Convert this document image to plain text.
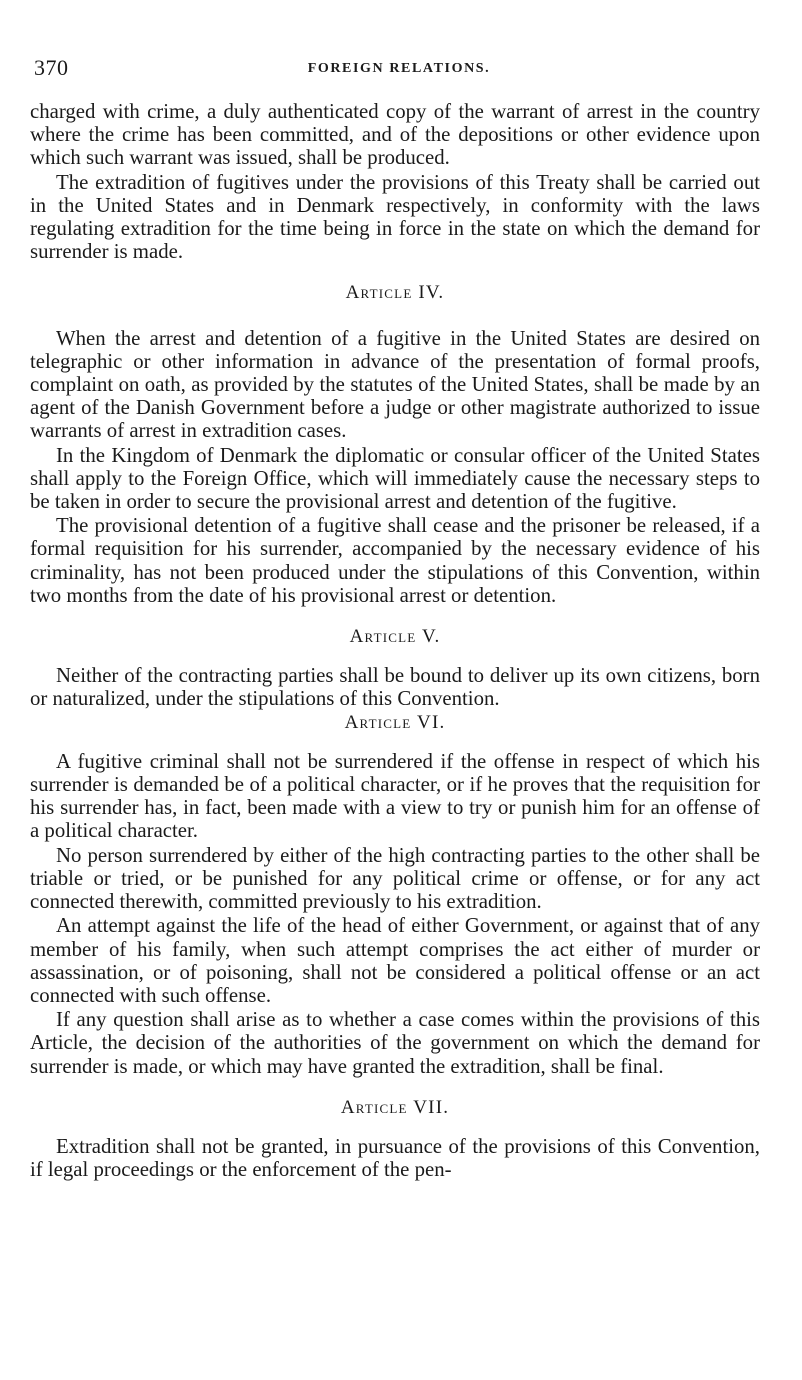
370	FOREIGN RELATIONS.

charged with crime, a duly authenticated copy of the warrant of arrest in the country where the crime has been committed, and of the depositions or other evidence upon which such warrant was issued, shall be produced.

The extradition of fugitives under the provisions of this Treaty shall be carried out in the United States and in Denmark respectively, in conformity with the laws regulating extradition for the time being in force in the state on which the demand for surrender is made.

Article IV.

When the arrest and detention of a fugitive in the United States are desired on telegraphic or other information in advance of the presentation of formal proofs, complaint on oath, as provided by the statutes of the United States, shall be made by an agent of the Danish Government before a judge or other magistrate authorized to issue warrants of arrest in extradition cases.

In the Kingdom of Denmark the diplomatic or consular officer of the United States shall apply to the Foreign Office, which will immediately cause the necessary steps to be taken in order to secure the provisional arrest and detention of the fugitive.

The provisional detention of a fugitive shall cease and the prisoner be released, if a formal requisition for his surrender, accompanied by the necessary evidence of his criminality, has not been produced under the stipulations of this Convention, within two months from the date of his provisional arrest or detention.

Article V.

Neither of the contracting parties shall be bound to deliver up its own citizens, born or naturalized, under the stipulations of this Convention.

Article VI.

A fugitive criminal shall not be surrendered if the offense in respect of which his surrender is demanded be of a political character, or if he proves that the requisition for his surrender has, in fact, been made with a view to try or punish him for an offense of a political character.

No person surrendered by either of the high contracting parties to the other shall be triable or tried, or be punished for any political crime or offense, or for any act connected therewith, committed previously to his extradition.

An attempt against the life of the head of either Government, or against that of any member of his family, when such attempt comprises the act either of murder or assassination, or of poisoning, shall not be considered a political offense or an act connected with such offense.

If any question shall arise as to whether a case comes within the provisions of this Article, the decision of the authorities of the government on which the demand for surrender is made, or which may have granted the extradition, shall be final.

Article VII.

Extradition shall not be granted, in pursuance of the provisions of this Convention, if legal proceedings or the enforcement of the pen-
